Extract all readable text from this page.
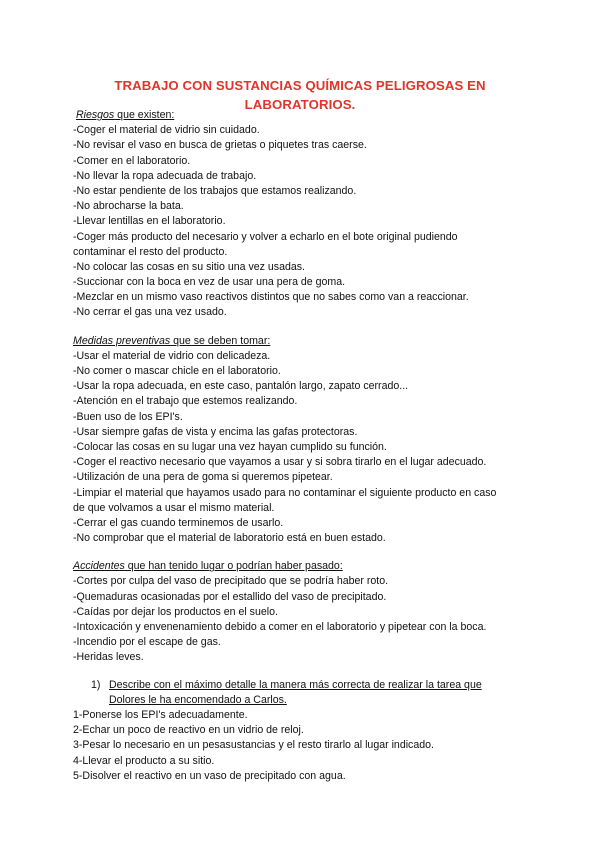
TRABAJO CON SUSTANCIAS QUÍMICAS PELIGROSAS EN
LABORATORIOS.
Riesgos que existen:
-Coger el material de vidrio sin cuidado.
-No revisar el vaso en busca de grietas o piquetes tras caerse.
-Comer en el laboratorio.
-No llevar la ropa adecuada de trabajo.
-No estar pendiente de los trabajos que estamos realizando.
-No abrocharse la bata.
-Llevar lentillas en el laboratorio.
-Coger más producto del necesario y volver a echarlo en el bote original pudiendo
contaminar el resto del producto.
-No colocar las cosas en su sitio una vez usadas.
-Succionar con la boca en vez de usar una pera de goma.
-Mezclar en un mismo vaso reactivos distintos que no sabes como van a reaccionar.
-No cerrar el gas una vez usado.
Medidas preventivas que se deben tomar:
-Usar el material de vidrio con delicadeza.
-No comer o mascar chicle en el laboratorio.
-Usar la ropa adecuada, en este caso, pantalón largo, zapato cerrado...
-Atención en el trabajo que estemos realizando.
-Buen uso de los EPI's.
-Usar siempre gafas de vista y encima las gafas protectoras.
-Colocar las cosas en su lugar una vez hayan cumplido su función.
-Coger el reactivo necesario que vayamos a usar y si sobra tirarlo en el lugar adecuado.
-Utilización de una pera de goma si queremos pipetear.
-Limpiar el material que hayamos usado para no contaminar el siguiente producto en caso
de que volvamos a usar el mismo material.
-Cerrar el gas cuando terminemos de usarlo.
-No comprobar que el material de laboratorio está en buen estado.
Accidentes que han tenido lugar o podrían haber pasado:
-Cortes por culpa del vaso de precipitado que se podría haber roto.
-Quemaduras ocasionadas por el estallido del vaso de precipitado.
-Caídas por dejar los productos en el suelo.
-Intoxicación y envenenamiento debido a comer en el laboratorio y pipetear con la boca.
-Incendio por el escape de gas.
-Heridas leves.
1) Describe con el máximo detalle la manera más correcta de realizar la tarea que
Dolores le ha encomendado a Carlos.
1-Ponerse los EPI's adecuadamente.
2-Echar un poco de reactivo en un vidrio de reloj.
3-Pesar lo necesario en un pesasustancias y el resto tirarlo al lugar indicado.
4-Llevar el producto a su sitio.
5-Disolver el reactivo en un vaso de precipitado con agua.
